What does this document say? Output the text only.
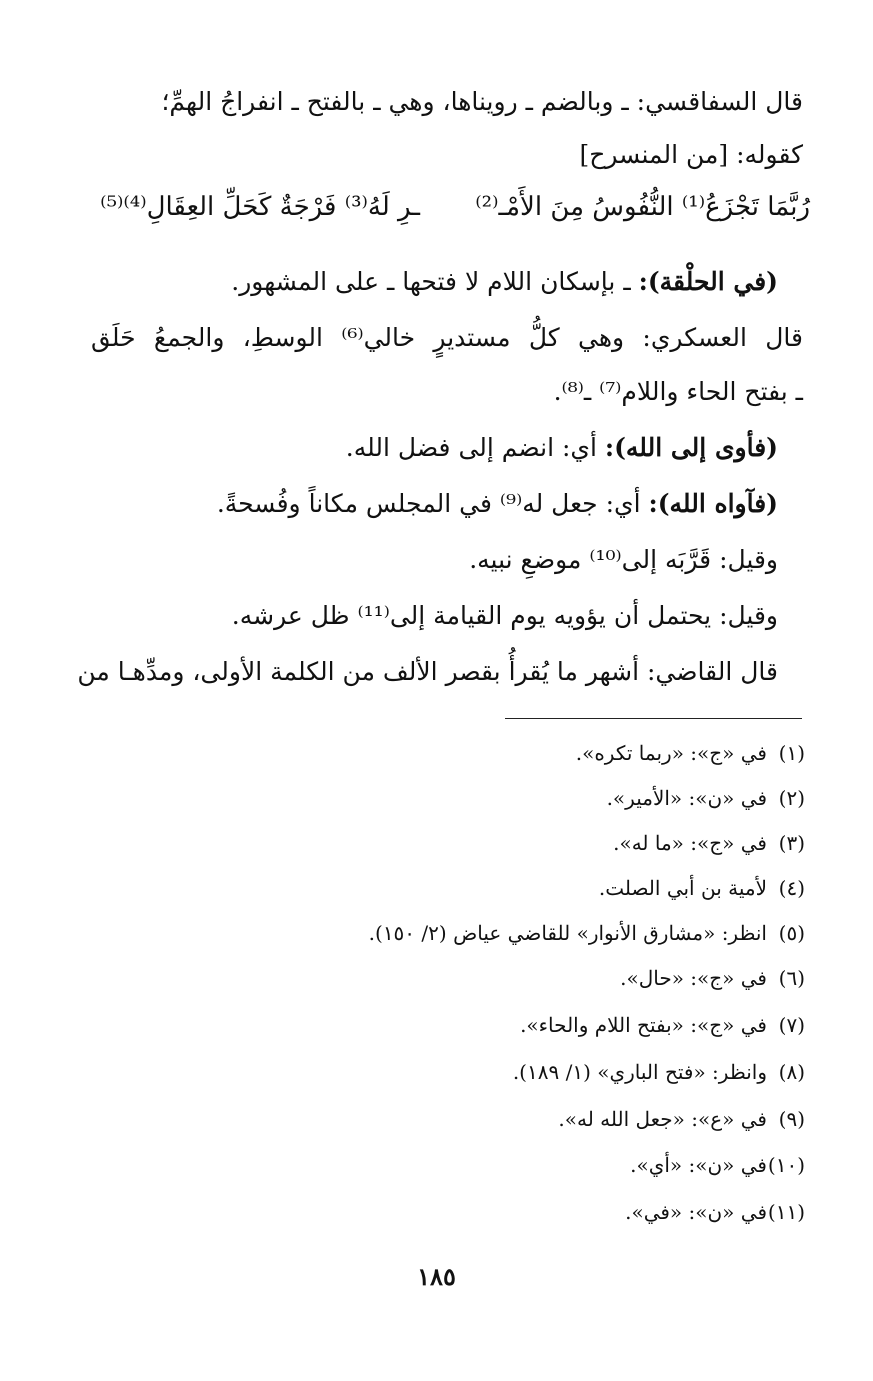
قال السفاقسي: ـ وبالضم ـ رويناها، وهي ـ بالفتح ـ انفراجُ الهمِّ؛
كقوله: [من المنسرح]
رُبَّمَا تَجْزَعُ⁽¹⁾ النُّفُوسُ مِنَ الأَمْـ⁽²⁾
ـرِ لَهُ⁽³⁾ فَرْجَةٌ كَحَلِّ العِقَالِ⁽⁴⁾⁽⁵⁾
(في الحلْقة): ـ بإسكان اللام لا فتحها ـ على المشهور.
قال العسكري: وهي كلُّ مستديرٍ خالي⁽⁶⁾ الوسطِ، والجمعُ حَلَق
ـ بفتح الحاء واللام⁽⁷⁾ ـ⁽⁸⁾.
(فأوى إلى الله): أي: انضم إلى فضل الله.
(فآواه الله): أي: جعل له⁽⁹⁾ في المجلس مكاناً وفُسحةً.
وقيل: قَرَّبَه إلى⁽¹⁰⁾ موضعِ نبيه.
وقيل: يحتمل أن يؤويه يوم القيامة إلى⁽¹¹⁾ ظل عرشه.
قال القاضي: أشهر ما يُقرأُ بقصر الألف من الكلمة الأولى، ومدِّهـا من
(١)في «ج»: «ربما تكره».
(٢)في «ن»: «الأمير».
(٣)في «ج»: «ما له».
(٤)لأمية بن أبي الصلت.
(٥)انظر: «مشارق الأنوار» للقاضي عياض (٢/ ١٥٠).
(٦)في «ج»: «حال».
(٧)في «ج»: «بفتح اللام والحاء».
(٨)وانظر: «فتح الباري» (١/ ١٨٩).
(٩)في «ع»: «جعل الله له».
(١٠)في «ن»: «أي».
(١١)في «ن»: «في».
١٨٥
